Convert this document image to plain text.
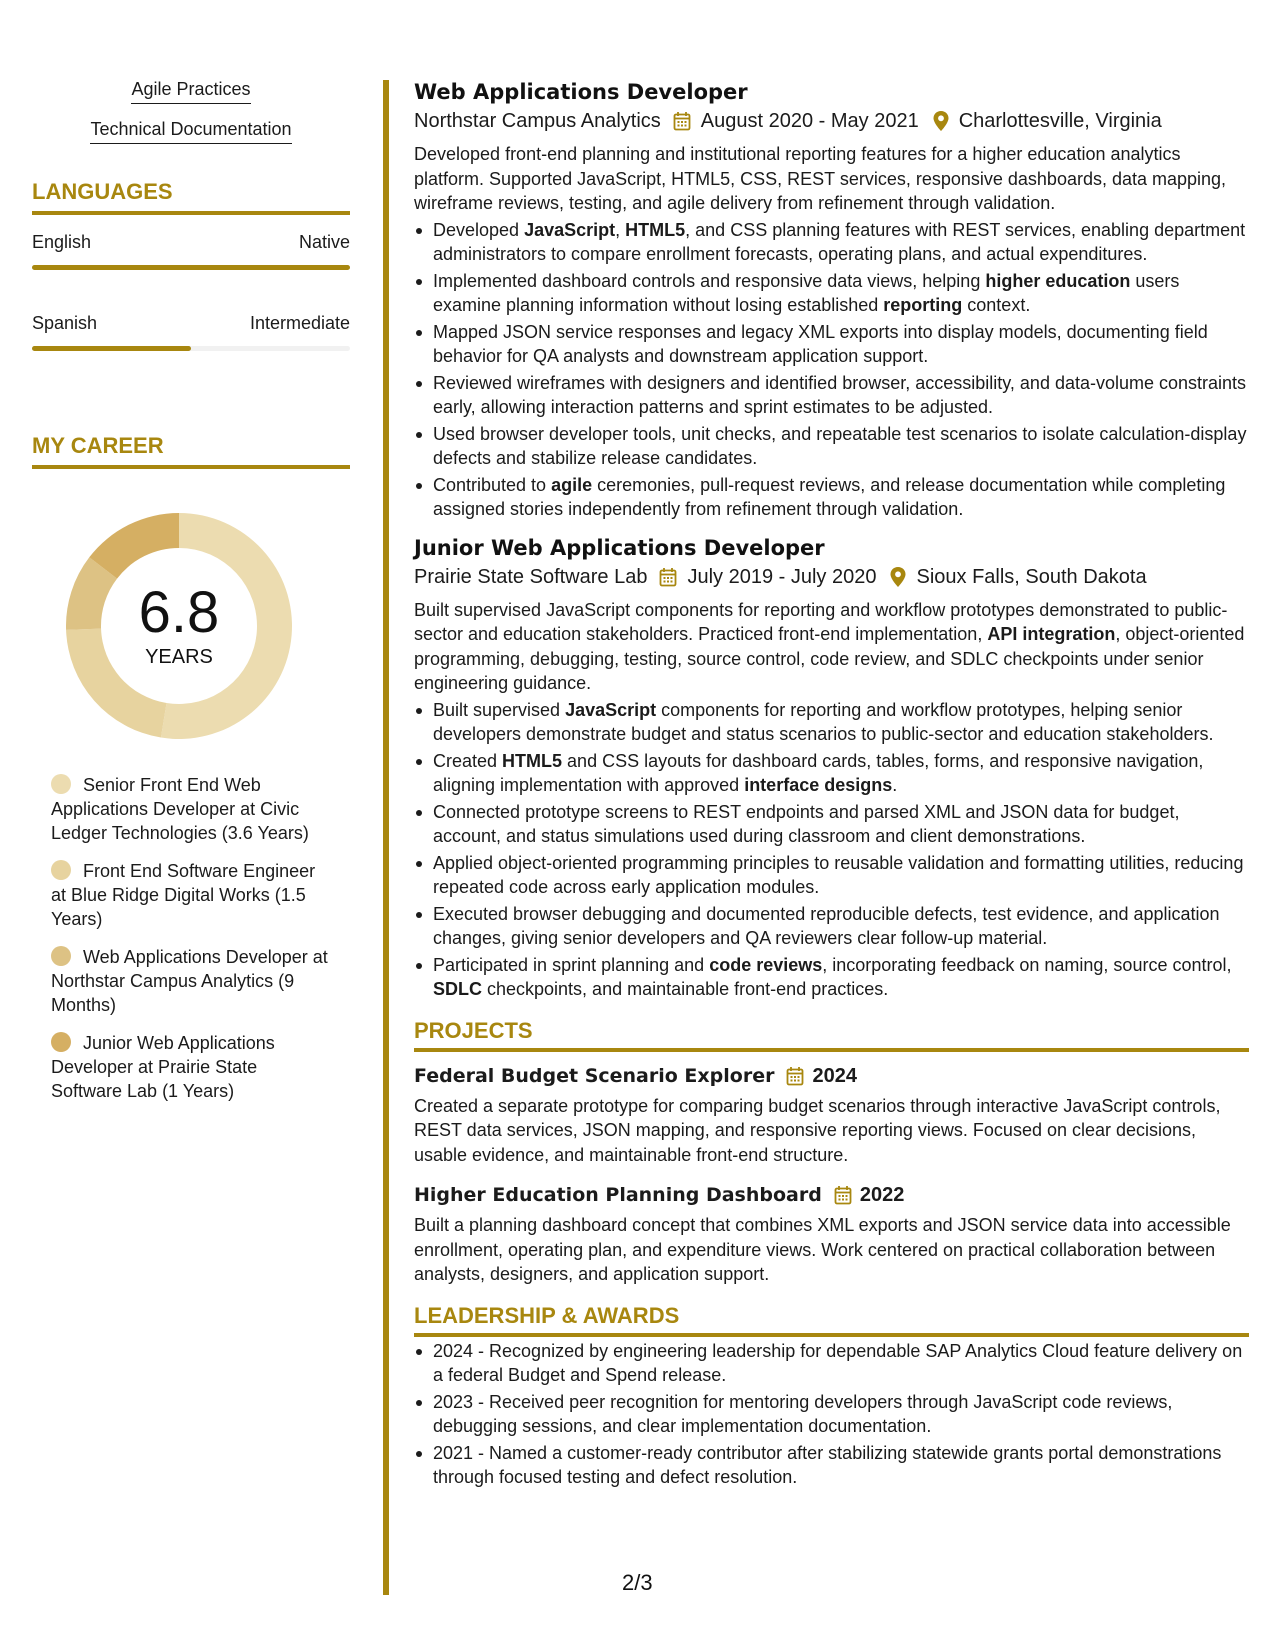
Agile Practices
Technical Documentation
LANGUAGES
English	Native
Spanish	Intermediate
MY CAREER
6.8
YEARS
Senior Front End Web Applications Developer at Civic Ledger Technologies (3.6 Years)
Front End Software Engineer at Blue Ridge Digital Works (1.5 Years)
Web Applications Developer at Northstar Campus Analytics (9 Months)
Junior Web Applications Developer at Prairie State Software Lab (1 Years)
Web Applications Developer
Northstar Campus Analytics August 2020 - May 2021 Charlottesville, Virginia

Developed front-end planning and institutional reporting features for a higher education analytics platform. Supported JavaScript, HTML5, CSS, REST services, responsive dashboards, data mapping, wireframe reviews, testing, and agile delivery from refinement through validation.

Developed JavaScript, HTML5, and CSS planning features with REST services, enabling department administrators to compare enrollment forecasts, operating plans, and actual expenditures.
Implemented dashboard controls and responsive data views, helping higher education users examine planning information without losing established reporting context.
Mapped JSON service responses and legacy XML exports into display models, documenting field behavior for QA analysts and downstream application support.
Reviewed wireframes with designers and identified browser, accessibility, and data-volume constraints early, allowing interaction patterns and sprint estimates to be adjusted.
Used browser developer tools, unit checks, and repeatable test scenarios to isolate calculation-display defects and stabilize release candidates.
Contributed to agile ceremonies, pull-request reviews, and release documentation while completing assigned stories independently from refinement through validation.
Junior Web Applications Developer
Prairie State Software Lab July 2019 - July 2020 Sioux Falls, South Dakota

Built supervised JavaScript components for reporting and workflow prototypes demonstrated to public-sector and education stakeholders. Practiced front-end implementation, API integration, object-oriented programming, debugging, testing, source control, code review, and SDLC checkpoints under senior engineering guidance.

Built supervised JavaScript components for reporting and workflow prototypes, helping senior developers demonstrate budget and status scenarios to public-sector and education stakeholders.
Created HTML5 and CSS layouts for dashboard cards, tables, forms, and responsive navigation, aligning implementation with approved interface designs.
Connected prototype screens to REST endpoints and parsed XML and JSON data for budget, account, and status simulations used during classroom and client demonstrations.
Applied object-oriented programming principles to reusable validation and formatting utilities, reducing repeated code across early application modules.
Executed browser debugging and documented reproducible defects, test evidence, and application changes, giving senior developers and QA reviewers clear follow-up material.
Participated in sprint planning and code reviews, incorporating feedback on naming, source control, SDLC checkpoints, and maintainable front-end practices.
PROJECTS
Federal Budget Scenario Explorer 2024

Created a separate prototype for comparing budget scenarios through interactive JavaScript controls, REST data services, JSON mapping, and responsive reporting views. Focused on clear decisions, usable evidence, and maintainable front-end structure.

Higher Education Planning Dashboard 2022

Built a planning dashboard concept that combines XML exports and JSON service data into accessible enrollment, operating plan, and expenditure views. Work centered on practical collaboration between analysts, designers, and application support.

LEADERSHIP & AWARDS
2024 - Recognized by engineering leadership for dependable SAP Analytics Cloud feature delivery on a federal Budget and Spend release.
2023 - Received peer recognition for mentoring developers through JavaScript code reviews, debugging sessions, and clear implementation documentation.
2021 - Named a customer-ready contributor after stabilizing statewide grants portal demonstrations through focused testing and defect resolution.
2/3
